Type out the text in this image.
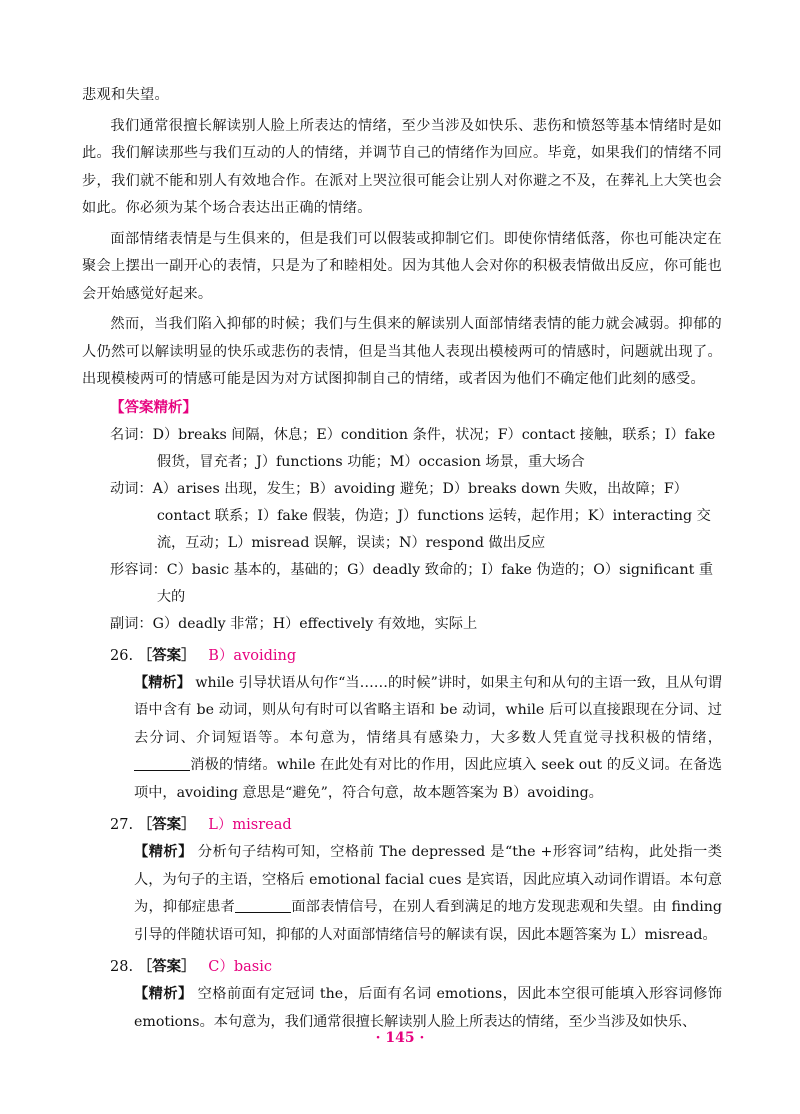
悲观和失望。

我们通常很擅长解读别人脸上所表达的情绪，至少当涉及如快乐、悲伤和愤怒等基本情绪时是如此。我们解读那些与我们互动的人的情绪，并调节自己的情绪作为回应。毕竟，如果我们的情绪不同步，我们就不能和别人有效地合作。在派对上哭泣很可能会让别人对你避之不及，在葬礼上大笑也会如此。你必须为某个场合表达出正确的情绪。

面部情绪表情是与生俱来的，但是我们可以假装或抑制它们。即使你情绪低落，你也可能决定在聚会上摆出一副开心的表情，只是为了和睦相处。因为其他人会对你的积极表情做出反应，你可能也会开始感觉好起来。

然而，当我们陷入抑郁的时候；我们与生俱来的解读别人面部情绪表情的能力就会减弱。抑郁的人仍然可以解读明显的快乐或悲伤的表情，但是当其他人表现出模棱两可的情感时，问题就出现了。出现模棱两可的情感可能是因为对方试图抑制自己的情绪，或者因为他们不确定他们此刻的感受。

【答案精析】
名词：D）breaks 间隔，休息；E）condition 条件，状况；F）contact 接触，联系；I）fake 假货，冒充者；J）functions 功能；M）occasion 场景，重大场合
动词：A）arises 出现，发生；B）avoiding 避免；D）breaks down 失败，出故障；F）contact 联系；I）fake 假装，伪造；J）functions 运转，起作用；K）interacting 交流，互动；L）misread 误解，误读；N）respond 做出反应
形容词：C）basic 基本的，基础的；G）deadly 致命的；I）fake 伪造的；O）significant 重大的
副词：G）deadly 非常；H）effectively 有效地，实际上
26. ［答案］ B）avoiding
【精析】 while 引导状语从句作“当……的时候”讲时，如果主句和从句的主语一致，且从句谓语中含有 be 动词，则从句有时可以省略主语和 be 动词，while 后可以直接跟现在分词、过去分词、介词短语等。本句意为，情绪具有感染力，大多数人凭直觉寻找积极的情绪，消极的情绪。while 在此处有对比的作用，因此应填入 seek out 的反义词。在备选项中，avoiding 意思是“避免”，符合句意，故本题答案为 B）avoiding。
27. ［答案］ L）misread
【精析】 分析句子结构可知，空格前 The depressed 是“the +形容词”结构，此处指一类人，为句子的主语，空格后 emotional facial cues 是宾语，因此应填入动词作谓语。本句意为，抑郁症患者	面部表情信号，在别人看到满足的地方发现悲观和失望。由 finding 引导的伴随状语可知，抑郁的人对面部情绪信号的解读有误，因此本题答案为 L）misread。
28. ［答案］ C）basic
【精析】 空格前面有定冠词 the，后面有名词 emotions，因此本空很可能填入形容词修饰 emotions。本句意为，我们通常很擅长解读别人脸上所表达的情绪，至少当涉及如快乐、
· 145 ·
